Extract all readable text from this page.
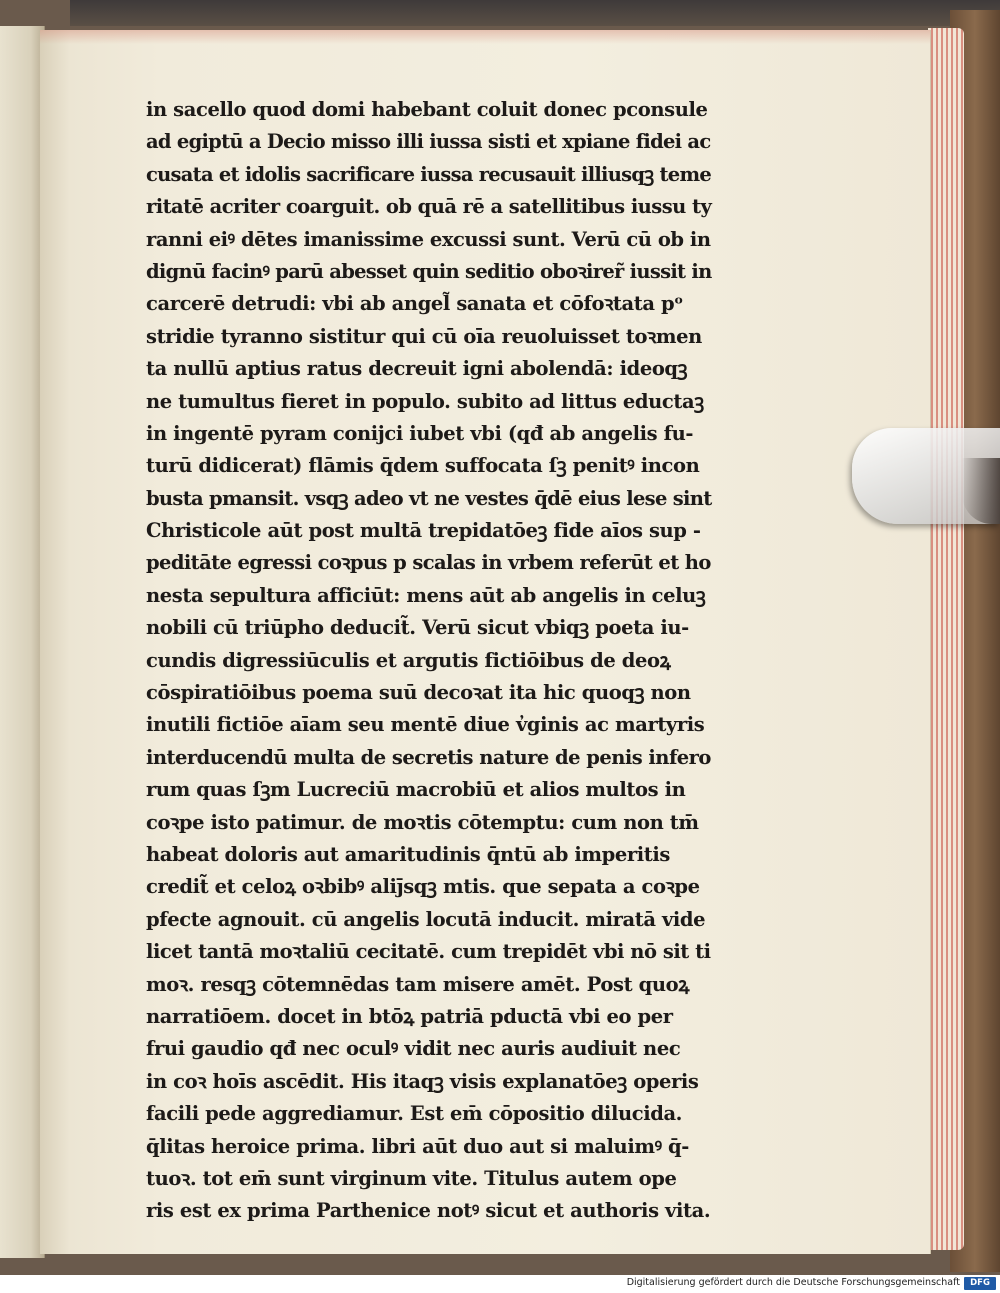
in sacello quod domi habebant coluit donec pconsule
ad egiptū a Decio misso illi iussa sisti et xpiane fidei ac
cusata et idolis sacrificare iussa recusauit illiusqꝫ teme
ritatē acriter coarguit. ob quā rē a satellitibus iussu ty
ranni eiꝰ dētes imanissime excussi sunt. Verū cū ob in
dignū facinꝰ parū abesset quin seditio oboꝛirer̃ iussit in
carcerē detrudi: vbi ab angel̃ sanata et cōfoꝛtata pᵒ
stridie tyranno sistitur qui cū oīa reuoluisset toꝛmen
ta nullū aptius ratus decreuit igni abolendā: ideoqꝫ
ne tumultus fieret in populo. subito ad littus eductaꝫ
in ingentē pyram conijci iubet vbi (qđ ab angelis fu-
turū didicerat) flāmis q̄dem suffocata ſꝫ penitꝰ incon
busta pmansit. vsqꝫ adeo vt ne vestes q̄dē eius lese sint
Christicole aūt post multā trepidatōeꝫ fide aīos sup -
peditāte egressi coꝛpus p scalas in vrbem referūt et ho
nesta sepultura afficiūt: mens aūt ab angelis in celuꝫ
nobili cū triūpho deducit̃. Verū sicut vbiqꝫ poeta iu-
cundis digressiūculis et argutis fictiōibus de deoꝝ
cōspiratiōibus poema suū decoꝛat ita hic quoqꝫ non
inutili fictiōe aīam seu mentē diue v̓ginis ac martyris
interducendū multa de secretis nature de penis infero
rum quas ſꝫm Lucreciū macrobiū et alios multos in
coꝛpe isto patimur. de moꝛtis cōtemptu: cum non tm̄
habeat doloris aut amaritudinis q̄ntū ab imperitis
credit̃ et celoꝝ oꝛbibꝰ aliȷ̄sqꝫ mtis. que sepata a coꝛpe
pfecte agnouit. cū angelis locutā inducit. miratā vide
licet tantā moꝛtaliū cecitatē. cum trepidēt vbi nō sit ti
moꝛ. resqꝫ cōtemnēdas tam misere amēt. Post quoꝝ
narratiōem. docet in btōꝝ patriā pductā vbi eo per
frui gaudio qđ nec oculꝰ vidit nec auris audiuit nec
in coꝛ hoīs ascēdit. His itaqꝫ visis explanatōeꝫ operis
facili pede aggrediamur. Est em̄ cōpositio dilucida.
q̄litas heroice prima. libri aūt duo aut si maluimꝰ q̄-
tuoꝛ. tot em̄ sunt virginum vite. Titulus autem ope
ris est ex prima Parthenice notꝰ sicut et authoris vita.
Digitalisierung gefördert durch die Deutsche Forschungsgemeinschaft	DFG
